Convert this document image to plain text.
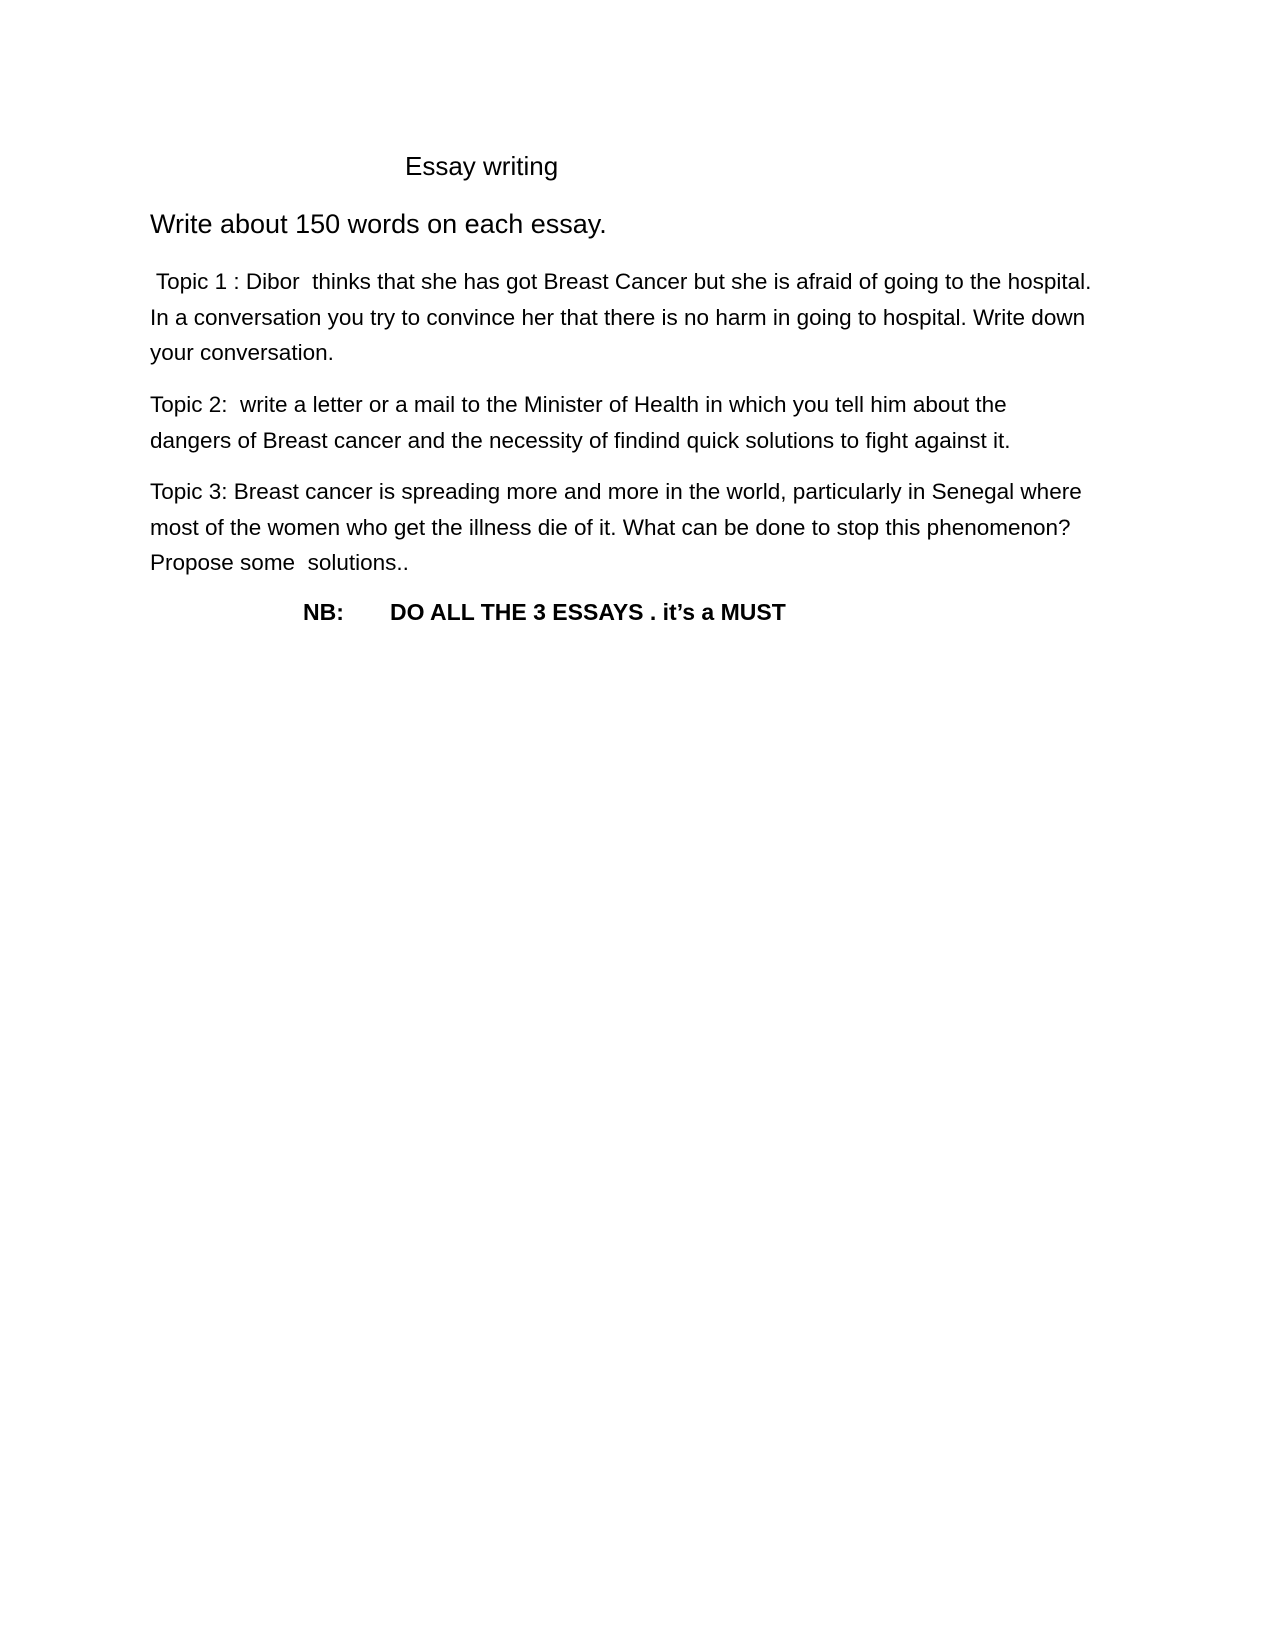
Essay writing
Write about 150 words on each essay.

Topic 1 : Dibor  thinks that she has got Breast Cancer but she is afraid of going to the hospital.
In a conversation you try to convince her that there is no harm in going to hospital. Write down
your conversation.

Topic 2:  write a letter or a mail to the Minister of Health in which you tell him about the
dangers of Breast cancer and the necessity of findind quick solutions to fight against it.

Topic 3: Breast cancer is spreading more and more in the world, particularly in Senegal where
most of the women who get the illness die of it. What can be done to stop this phenomenon?
Propose some  solutions..

NB: DO ALL THE 3 ESSAYS . it’s a MUST
